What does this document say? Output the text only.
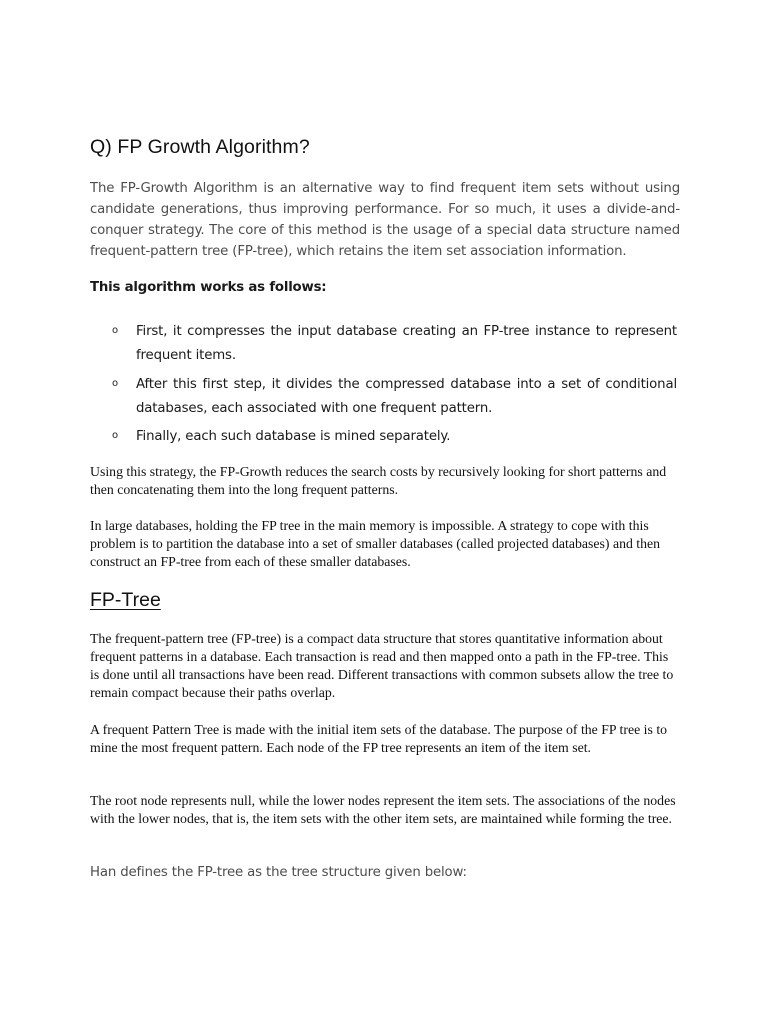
Q) FP Growth Algorithm?

The FP-Growth Algorithm is an alternative way to find frequent item sets without using candidate generations, thus improving performance. For so much, it uses a divide-and-conquer strategy. The core of this method is the usage of a special data structure named frequent-pattern tree (FP-tree), which retains the item set association information.

This algorithm works as follows:

o First, it compresses the input database creating an FP-tree instance to represent frequent items.
o After this first step, it divides the compressed database into a set of conditional databases, each associated with one frequent pattern.
o Finally, each such database is mined separately.

Using this strategy, the FP-Growth reduces the search costs by recursively looking for short patterns and then concatenating them into the long frequent patterns.

In large databases, holding the FP tree in the main memory is impossible. A strategy to cope with this problem is to partition the database into a set of smaller databases (called projected databases) and then construct an FP-tree from each of these smaller databases.

FP-Tree

The frequent-pattern tree (FP-tree) is a compact data structure that stores quantitative information about frequent patterns in a database. Each transaction is read and then mapped onto a path in the FP-tree. This is done until all transactions have been read. Different transactions with common subsets allow the tree to remain compact because their paths overlap.

A frequent Pattern Tree is made with the initial item sets of the database. The purpose of the FP tree is to mine the most frequent pattern. Each node of the FP tree represents an item of the item set.

The root node represents null, while the lower nodes represent the item sets. The associations of the nodes with the lower nodes, that is, the item sets with the other item sets, are maintained while forming the tree.

Han defines the FP-tree as the tree structure given below:
